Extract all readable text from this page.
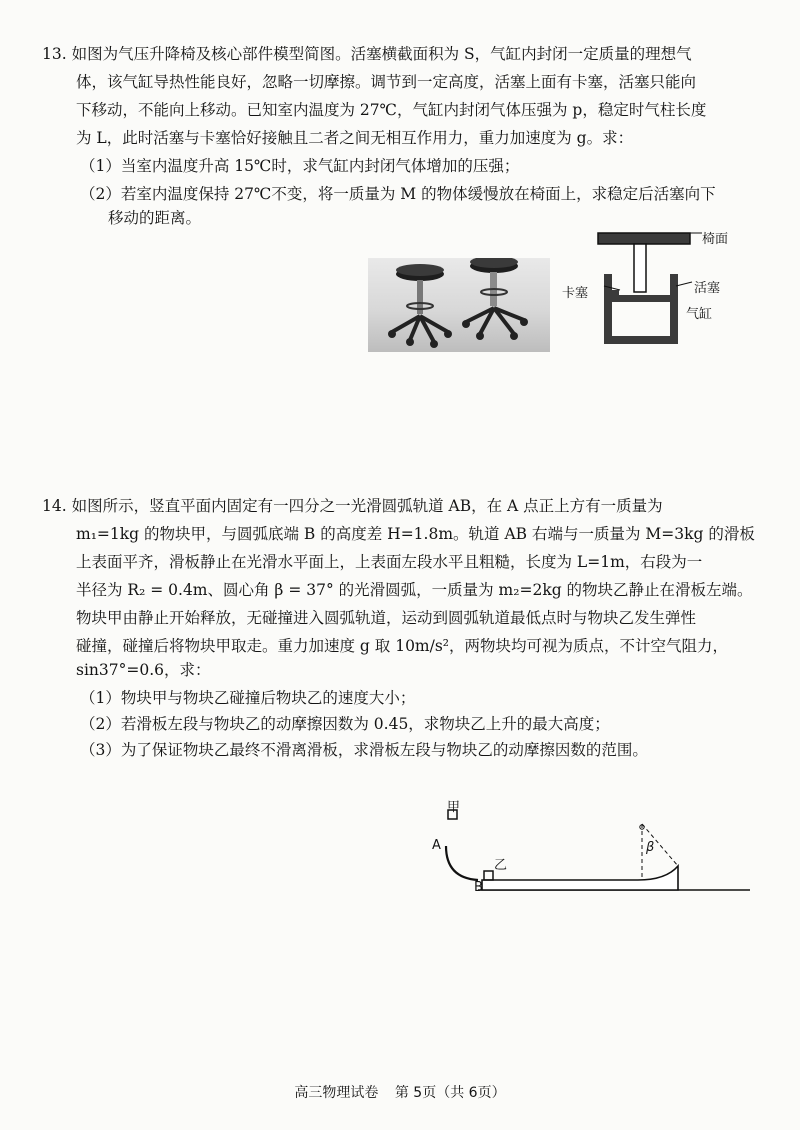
13. 如图为气压升降椅及核心部件模型简图。活塞横截面积为 S，气缸内封闭一定质量的理想气
体，该气缸导热性能良好，忽略一切摩擦。调节到一定高度，活塞上面有卡塞，活塞只能向
下移动，不能向上移动。已知室内温度为 27℃，气缸内封闭气体压强为 p，稳定时气柱长度
为 L，此时活塞与卡塞恰好接触且二者之间无相互作用力，重力加速度为 g。求：
（1）当室内温度升高 15℃时，求气缸内封闭气体增加的压强；
（2）若室内温度保持 27℃不变，将一质量为 M 的物体缓慢放在椅面上，求稳定后活塞向下
移动的距离。
椅面
卡塞	活塞
气缸
14. 如图所示，竖直平面内固定有一四分之一光滑圆弧轨道 AB，在 A 点正上方有一质量为
m₁=1kg 的物块甲，与圆弧底端 B 的高度差 H=1.8m。轨道 AB 右端与一质量为 M=3kg 的滑板
上表面平齐，滑板静止在光滑水平面上，上表面左段水平且粗糙，长度为 L=1m，右段为一
半径为 R₂ = 0.4m、圆心角 β = 37° 的光滑圆弧，一质量为 m₂=2kg 的物块乙静止在滑板左端。
物块甲由静止开始释放，无碰撞进入圆弧轨道，运动到圆弧轨道最低点时与物块乙发生弹性
碰撞，碰撞后将物块甲取走。重力加速度 g 取 10m/s²，两物块均可视为质点，不计空气阻力，
sin37°=0.6，求：
（1）物块甲与物块乙碰撞后物块乙的速度大小；
（2）若滑板左段与物块乙的动摩擦因数为 0.45，求物块乙上升的最大高度；
（3）为了保证物块乙最终不滑离滑板，求滑板左段与物块乙的动摩擦因数的范围。
甲
乙
A
B
β
高三物理试卷 第 5页（共 6页）
